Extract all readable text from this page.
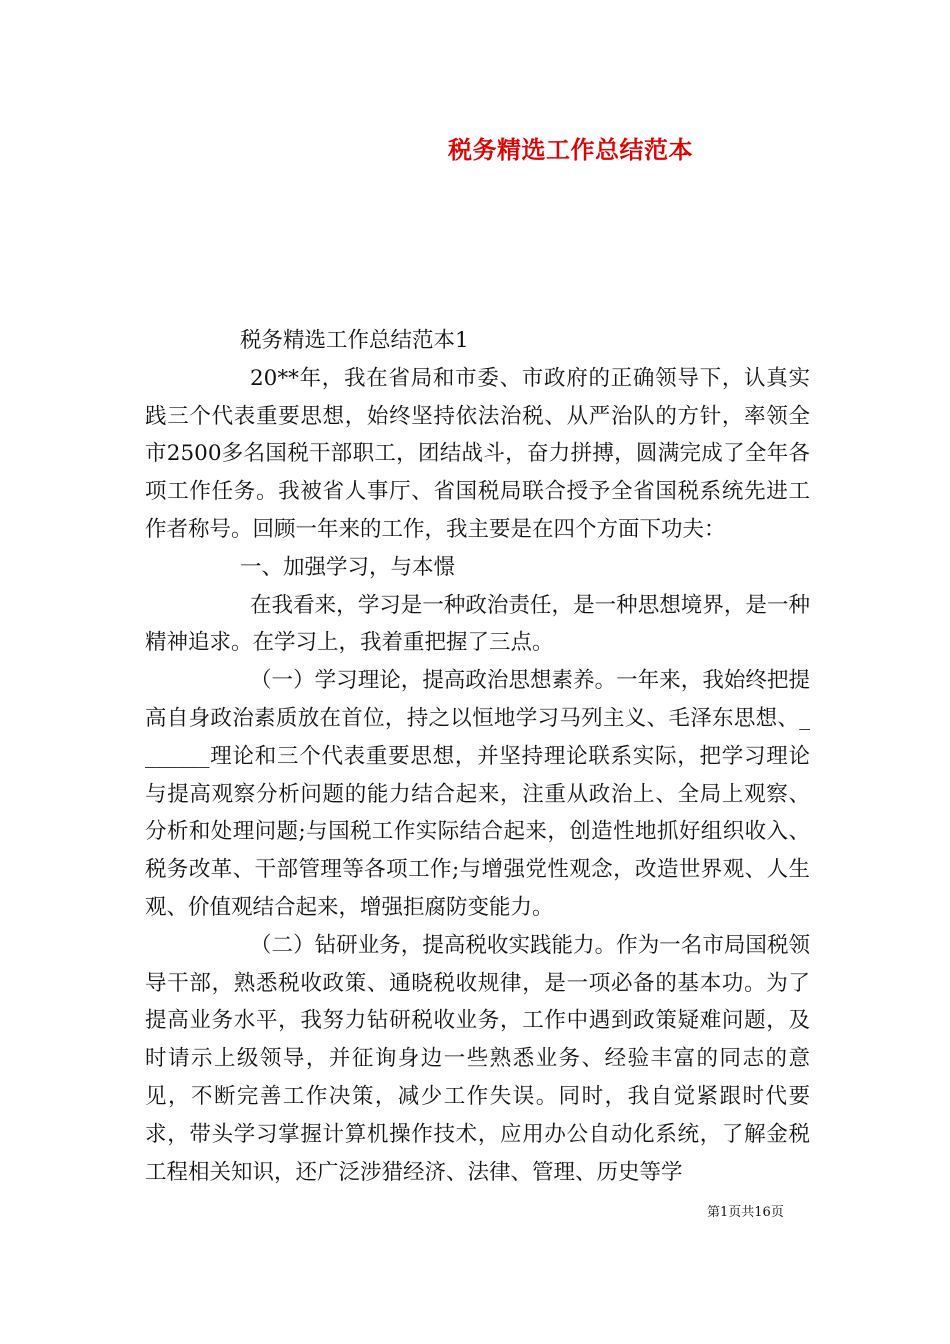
税务精选工作总结范本

税务精选工作总结范本1

20**年，我在省局和市委、市政府的正确领导下，认真实践三个代表重要思想，始终坚持依法治税、从严治队的方针，率领全市2500多名国税干部职工，团结战斗，奋力拼搏，圆满完成了全年各项工作任务。我被省人事厅、省国税局联合授予全省国税系统先进工作者称号。回顾一年来的工作，我主要是在四个方面下功夫：

一、加强学习，与本憬

在我看来，学习是一种政治责任，是一种思想境界，是一种精神追求。在学习上，我着重把握了三点。

（一）学习理论，提高政治思想素养。一年来，我始终把提高自身政治素质放在首位，持之以恒地学习马列主义、毛泽东思想、_______理论和三个代表重要思想，并坚持理论联系实际，把学习理论与提高观察分析问题的能力结合起来，注重从政治上、全局上观察、分析和处理问题;与国税工作实际结合起来，创造性地抓好组织收入、税务改革、干部管理等各项工作;与增强党性观念，改造世界观、人生观、价值观结合起来，增强拒腐防变能力。

（二）钻研业务，提高税收实践能力。作为一名市局国税领导干部，熟悉税收政策、通晓税收规律，是一项必备的基本功。为了提高业务水平，我努力钻研税收业务，工作中遇到政策疑难问题，及时请示上级领导，并征询身边一些熟悉业务、经验丰富的同志的意见，不断完善工作决策，减少工作失误。同时，我自觉紧跟时代要求，带头学习掌握计算机操作技术，应用办公自动化系统，了解金税工程相关知识，还广泛涉猎经济、法律、管理、历史等学

第1页共16页
